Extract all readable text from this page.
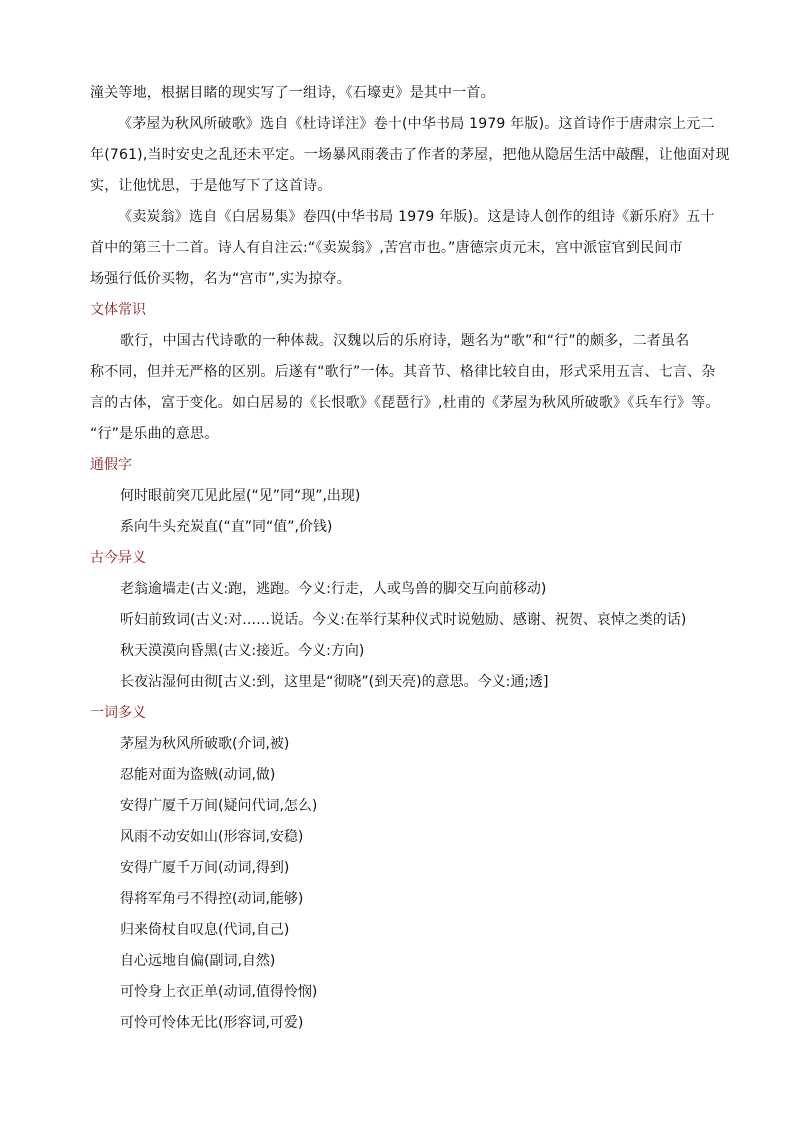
潼关等地，根据目睹的现实写了一组诗，《石壕吏》是其中一首。
《茅屋为秋风所破歌》选自《杜诗详注》卷十(中华书局 1979 年版)。这首诗作于唐肃宗上元二
年(761),当时安史之乱还未平定。一场暴风雨袭击了作者的茅屋，把他从隐居生活中敲醒，让他面对现
实，让他忧思，于是他写下了这首诗。
《卖炭翁》选自《白居易集》卷四(中华书局 1979 年版)。这是诗人创作的组诗《新乐府》五十
首中的第三十二首。诗人有自注云:“《卖炭翁》,苦宫市也。”唐德宗贞元末，宫中派宦官到民间市
场强行低价买物，名为“宫市”,实为掠夺。
文体常识
歌行，中国古代诗歌的一种体裁。汉魏以后的乐府诗，题名为“歌”和“行”的颇多，二者虽名
称不同，但并无严格的区别。后遂有“歌行”一体。其音节、格律比较自由，形式采用五言、七言、杂
言的古体，富于变化。如白居易的《长恨歌》《琵琶行》,杜甫的《茅屋为秋风所破歌》《兵车行》等。
“行”是乐曲的意思。
通假字
何时眼前突兀见此屋(“见”同“现”,出现)
系向牛头充炭直(“直”同“值”,价钱)
古今异义
老翁逾墙走(古义:跑，逃跑。今义:行走，人或鸟兽的脚交互向前移动)
听妇前致词(古义:对……说话。今义:在举行某种仪式时说勉励、感谢、祝贺、哀悼之类的话)
秋天漠漠向昏黑(古义:接近。今义:方向)
长夜沾湿何由彻[古义:到，这里是“彻晓”(到天亮)的意思。今义:通;透]
一词多义
茅屋为秋风所破歌(介词,被)
忍能对面为盗贼(动词,做)
安得广厦千万间(疑问代词,怎么)
风雨不动安如山(形容词,安稳)
安得广厦千万间(动词,得到)
得将军角弓不得控(动词,能够)
归来倚杖自叹息(代词,自己)
自心远地自偏(副词,自然)
可怜身上衣正单(动词,值得怜悯)
可怜可怜体无比(形容词,可爱)
